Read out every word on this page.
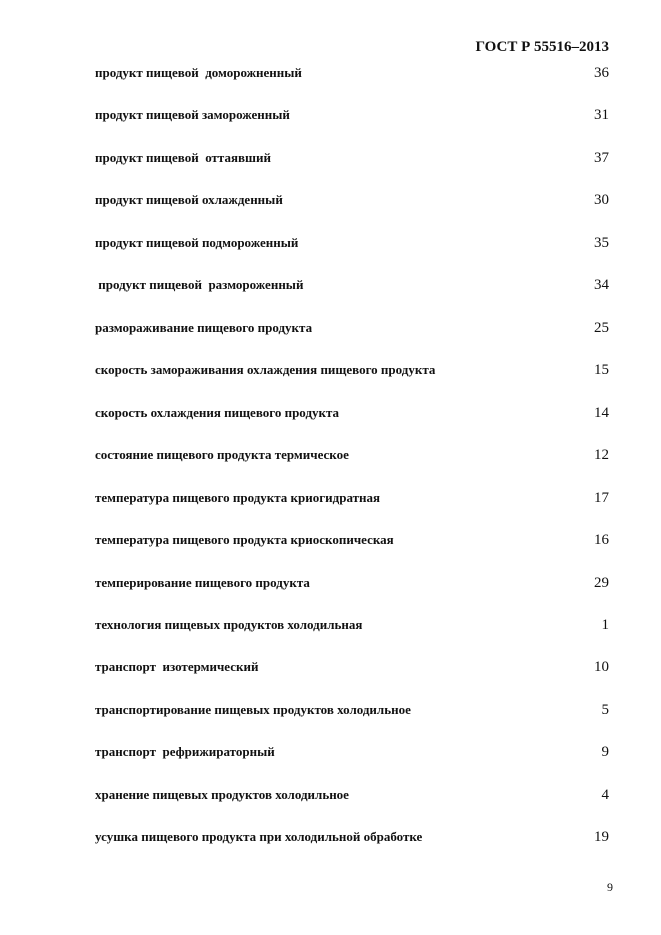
ГОСТ Р 55516–2013
продукт пищевой  доморожненный	36
продукт пищевой замороженный	31
продукт пищевой  оттаявший	37
продукт пищевой охлажденный	30
продукт пищевой подмороженный	35
продукт пищевой  размороженный	34
размораживание пищевого продукта	25
скорость замораживания охлаждения пищевого продукта	15
скорость охлаждения пищевого продукта	14
состояние пищевого продукта термическое	12
температура пищевого продукта криогидратная	17
температура пищевого продукта криоскопическая	16
темперирование пищевого продукта	29
технология пищевых продуктов холодильная	1
транспорт  изотермический	10
транспортирование пищевых продуктов холодильное	5
транспорт  рефрижираторный	9
хранение пищевых продуктов холодильное	4
усушка пищевого продукта при холодильной обработке	19
9
